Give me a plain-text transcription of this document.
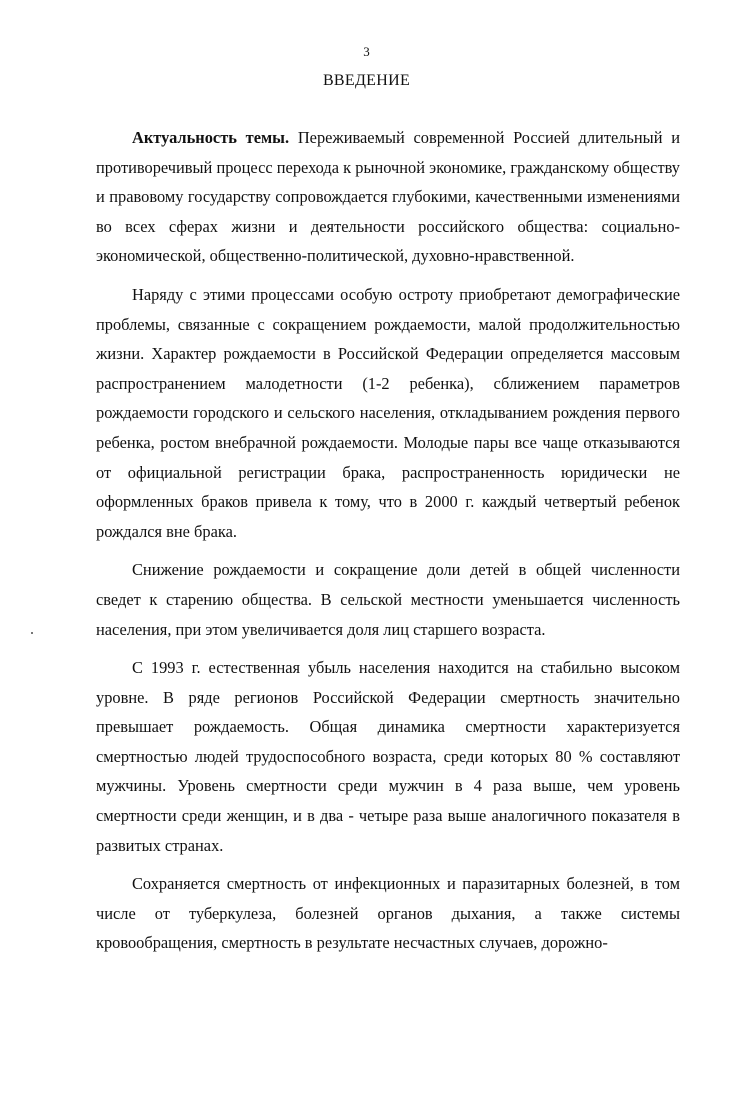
3
ВВЕДЕНИЕ

Актуальность темы. Переживаемый современной Россией длительный и противоречивый процесс перехода к рыночной экономике, гражданскому обществу и правовому государству сопровождается глубокими, качественными изменениями во всех сферах жизни и деятельности российского общества: социально-экономической, общественно-политической, духовно-нравственной.

Наряду с этими процессами особую остроту приобретают демографические проблемы, связанные с сокращением рождаемости, малой продолжительностью жизни. Характер рождаемости в Российской Федерации определяется массовым распространением малодетности (1-2 ребенка), сближением параметров рождаемости городского и сельского населения, откладыванием рождения первого ребенка, ростом внебрачной рождаемости. Молодые пары все чаще отказываются от официальной регистрации брака, распространенность юридически не оформленных браков привела к тому, что в 2000 г. каждый четвертый ребенок рождался вне брака.

Снижение рождаемости и сокращение доли детей в общей численности сведет к старению общества. В сельской местности уменьшается численность населения, при этом увеличивается доля лиц старшего возраста.

С 1993 г. естественная убыль населения находится на стабильно высоком уровне. В ряде регионов Российской Федерации смертность значительно превышает рождаемость. Общая динамика смертности характеризуется смертностью людей трудоспособного возраста, среди которых 80 % составляют мужчины. Уровень смертности среди мужчин в 4 раза выше, чем уровень смертности среди женщин, и в два - четыре раза выше аналогичного показателя в развитых странах.

Сохраняется смертность от инфекционных и паразитарных болезней, в том числе от туберкулеза, болезней органов дыхания, а также системы кровообращения, смертность в результате несчастных случаев, дорожно-
